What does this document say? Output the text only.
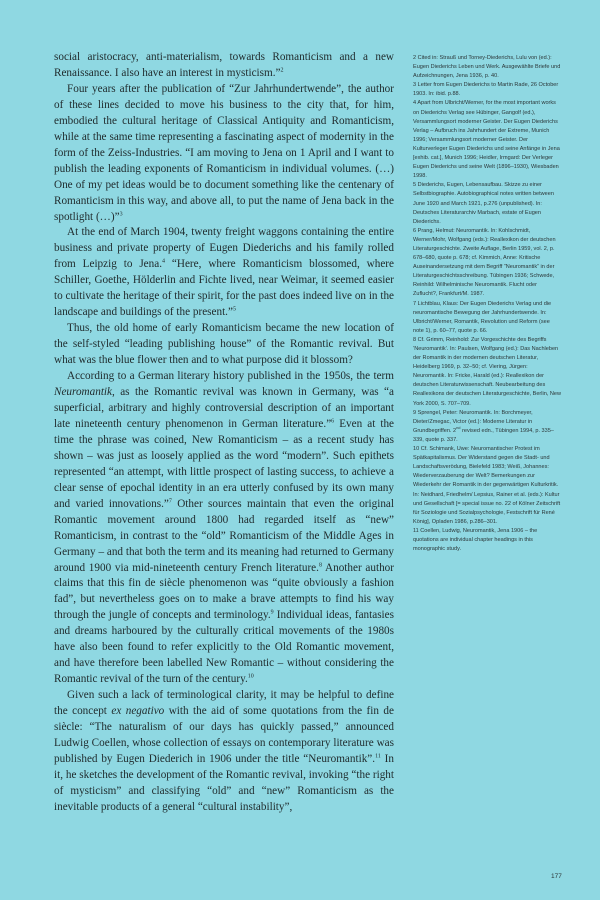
social aristocracy, anti-materialism, towards Romanticism and a new Renaissance. I also have an interest in mysticism.”$^2$

Four years after the publication of “Zur Jahrhundertwende”, the author of these lines decided to move his business to the city that, for him, embodied the cultural heritage of Classical Antiquity and Romanticism, while at the same time representing a fascinating aspect of modernity in the form of the Zeiss-Industries. “I am moving to Jena on 1 April and I want to publish the leading exponents of Romanticism in individual volumes. (…) One of my pet ideas would be to document something like the centenary of Romanticism in this way, and above all, to put the name of Jena back in the spotlight (…)”$^3$

At the end of March 1904, twenty freight waggons containing the entire business and private property of Eugen Diederichs and his family rolled from Leipzig to Jena.$^4$ “Here, where Romanticism blossomed, where Schiller, Goethe, Hölderlin and Fichte lived, near Weimar, it seemed easier to cultivate the heritage of their spirit, for the past does indeed live on in the landscape and buildings of the present.”$^5$

Thus, the old home of early Romanticism became the new location of the self-styled “leading publishing house” of the Romantic revival. But what was the blue flower then and to what purpose did it blossom?

According to a German literary history published in the 1950s, the term Neuromantik, as the Romantic revival was known in Germany, was “a superficial, arbitrary and highly controversial description of an important late nineteenth century phenomenon in German literature.”$^6$ Even at the time the phrase was coined, New Romanticism – as a recent study has shown – was just as loosely applied as the word “modern”. Such epithets represented “an attempt, with little prospect of lasting success, to achieve a clear sense of epochal identity in an era utterly confused by its own many and varied innovations.”$^7$ Other sources maintain that even the original Romantic movement around 1800 had regarded itself as “new” Romanticism, in contrast to the “old” Romanticism of the Middle Ages in Germany – and that both the term and its meaning had returned to Germany around 1900 via mid-nineteenth century French literature.$^8$ Another author claims that this fin de siècle phenomenon was “quite obviously a fashion fad”, but nevertheless goes on to make a brave attempts to find his way through the jungle of concepts and terminology.$^9$ Individual ideas, fantasies and dreams harboured by the culturally critical movements of the 1980s have also been found to refer explicitly to the Old Romantic movement, and have therefore been labelled New Romantic – without considering the Romantic revival of the turn of the century.$^{10}$

Given such a lack of terminological clarity, it may be helpful to define the concept ex negativo with the aid of some quotations from the fin de siècle: “The naturalism of our days has quickly passed,” announced Ludwig Coellen, whose collection of essays on contemporary literature was published by Eugen Diederich in 1906 under the title “Neuromantik”.$^{11}$ In it, he sketches the development of the Romantic revival, invoking “the right of mysticism” and classifying “old” and “new” Romanticism as the inevitable products of a general “cultural instability”,

2 Cited in: Strauß und Torney-Diederichs, Lulu von (ed.): Eugen Diederichs Leben und Werk. Ausgewählte Briefe und Aufzeichnungen, Jena 1936, p. 40.

3 Letter from Eugen Diederichs to Martin Rade, 26 October 1903. In: ibid. p.88.

4 Apart from Ulbricht/Werner, for the most important works on Diederichs Verlag see Hübinger, Gangolf (ed.), Versammlungsort moderner Geister. Der Eugen Diederichs Verlag – Aufbruch ins Jahrhundert der Extreme, Munich 1996; Versammlungsort moderner Geister. Der Kulturverleger Eugen Diederichs und seine Anfänge in Jena [exhib. cat.], Munich 1996; Heidler, Irmgard: Der Verleger Eugen Diederichs und seine Welt (1896–1930), Wiesbaden 1998.

5 Diederichs, Eugen, Lebensaufbau. Skizze zu einer Selbstbiographie. Autobiographical notes written between June 1920 and March 1921, p.276 (unpublished). In: Deutsches Literaturarchiv Marbach, estate of Eugen Diederichs.

6 Prang, Helmut: Neuromantik. In: Kohlschmidt, Werner/Mohr, Wolfgang (eds.): Reallexikon der deutschen Literaturgeschichte. Zweite Auflage, Berlin 1959, vol. 2, p. 678–680, quote p. 678; cf. Kimmich, Anne: Kritische Auseinandersetzung mit dem Begriff “Neuromantik” in der Literaturgeschichtsschreibung. Tübingen 1936; Schwede, Reinhild: Wilhelminische Neuromantik. Flucht oder Zuflucht?, Frankfurt/M. 1987.

7 Lichtblau, Klaus: Der Eugen Diederichs Verlag und die neuromantische Bewegung der Jahrhundertwende. In: Ulbricht/Werner, Romantik, Revolution und Reform (see note 1), p. 60–77, quote p. 66.

8 Cf. Grimm, Reinhold: Zur Vorgeschichte des Begriffs ‘Neuromantik’. In: Paulsen, Wolfgang (ed.): Das Nachleben der Romantik in der modernen deutschen Literatur, Heidelberg 1969, p. 32–50; cf. Viering, Jürgen: Neuromantik. In: Fricke, Harald (ed.): Reallexikon der deutschen Literaturwissenschaft. Neubearbeitung des Reallexikons der deutschen Literaturgeschichte, Berlin, New York 2000, S. 707–709.

9 Sprengel, Peter: Neuromantik. In: Borchmeyer, Dieter/Zmegac, Victor (ed.): Moderne Literatur in Grundbegriffen. 2nd revised edn., Tübingen 1994, p. 335–339, quote p. 337.

10 Cf. Schimank, Uwe: Neuromantischer Protest im Spätkapitalismus. Der Widerstand gegen die Stadt- und Landschaftsverödung, Bielefeld 1983; Weiß, Johannes: Wiederverzauberung der Welt? Bemerkungen zur Wiederkehr der Romantik in der gegenwärtigen Kulturkritik. In: Neidhard, Friedhelm/ Lepsius, Rainer et al. (eds.): Kultur und Gesellschaft [= special issue no. 22 of Kölner Zeitschrift für Soziologie und Sozialpsychologie, Festschrift für René König], Opladen 1986, p.286–301.

11 Coellen, Ludwig, Neuromantik, Jena 1906 – the quotations are individual chapter headings in this monographic study.

177
